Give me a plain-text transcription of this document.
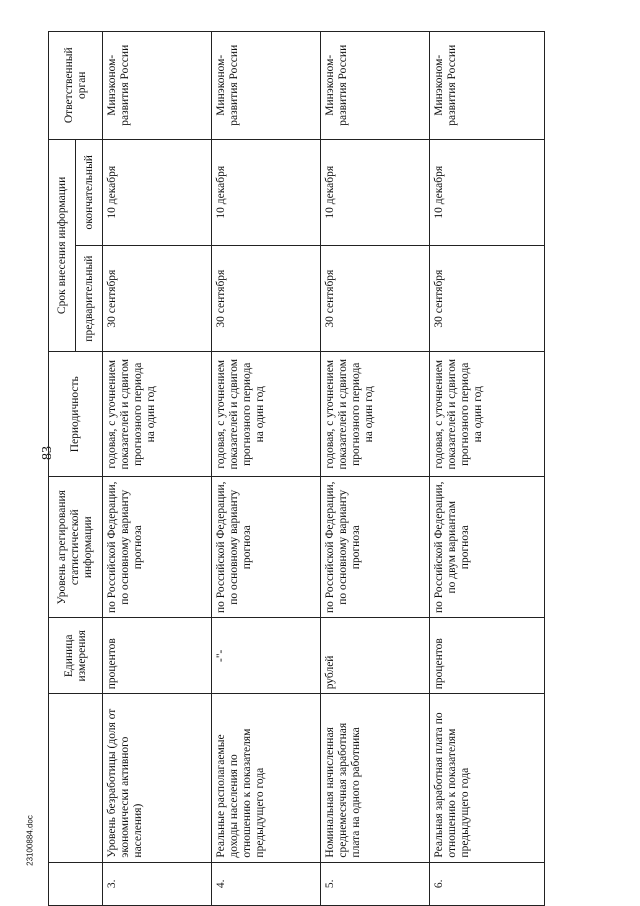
83
		Единица измерения	Уровень агрегирования статистической информации	Периодичность	Срок внесения информации		Ответственный орган
					предварительный	окончательный	
3.	Уровень безработицы (доля от экономически активного населения)	процентов	по Российской Федерации, по основному варианту прогноза	годовая, с уточнением показателей и сдвигом прогнозного периода на один год	30 сентября	10 декабря	Минэконом-развития России
4.	Реальные располагаемые доходы населения по отношению к показателям предыдущего года	-"-	по Российской Федерации, по основному варианту прогноза	годовая, с уточнением показателей и сдвигом прогнозного периода на один год	30 сентября	10 декабря	Минэконом-развития России
5.	Номинальная начисленная среднемесячная заработная плата на одного работника	рублей	по Российской Федерации, по основному варианту прогноза	годовая, с уточнением показателей и сдвигом прогнозного периода на один год	30 сентября	10 декабря	Минэконом-развития России
6.	Реальная заработная плата по отношению к показателям предыдущего года	процентов	по Российской Федерации, по двум вариантам прогноза	годовая, с уточнением показателей и сдвигом прогнозного периода на один год	30 сентября	10 декабря	Минэконом-развития России
23100884.doc
